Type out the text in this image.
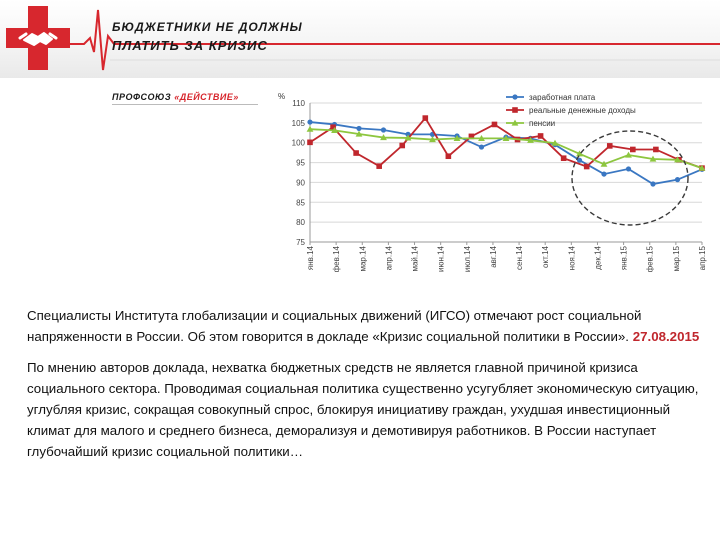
БЮДЖЕТНИКИ НЕ ДОЛЖНЫ
ПЛАТИТЬ ЗА КРИЗИС
ПРОФСОЮЗ «ДЕЙСТВИЕ»
75
80
85
90
95
100
105
110
янв.14 фев.14 мар.14 апр.14 май.14 июн.14 июл.14 авг.14 сен.14 окт.14 ноя.14 дек.14 янв.15 фев.15 мар.15 апр.15
%	заработная плата
реальные денежные доходы
пенсии

Специалисты Института глобализации и социальных движений (ИГСО) отмечают рост социальной напряженности в России. Об этом говорится в докладе «Кризис социальной политики в России». 27.08.2015

По мнению авторов доклада, нехватка бюджетных средств не является главной причиной кризиса социального сектора. Проводимая социальная политика существенно усугубляет экономическую ситуацию, углубляя кризис, сокращая совокупный спрос, блокируя инициативу граждан, ухудшая инвестиционный климат для малого и среднего бизнеса, деморализуя и демотивируя работников. В России наступает глубочайший кризис социальной политики…
